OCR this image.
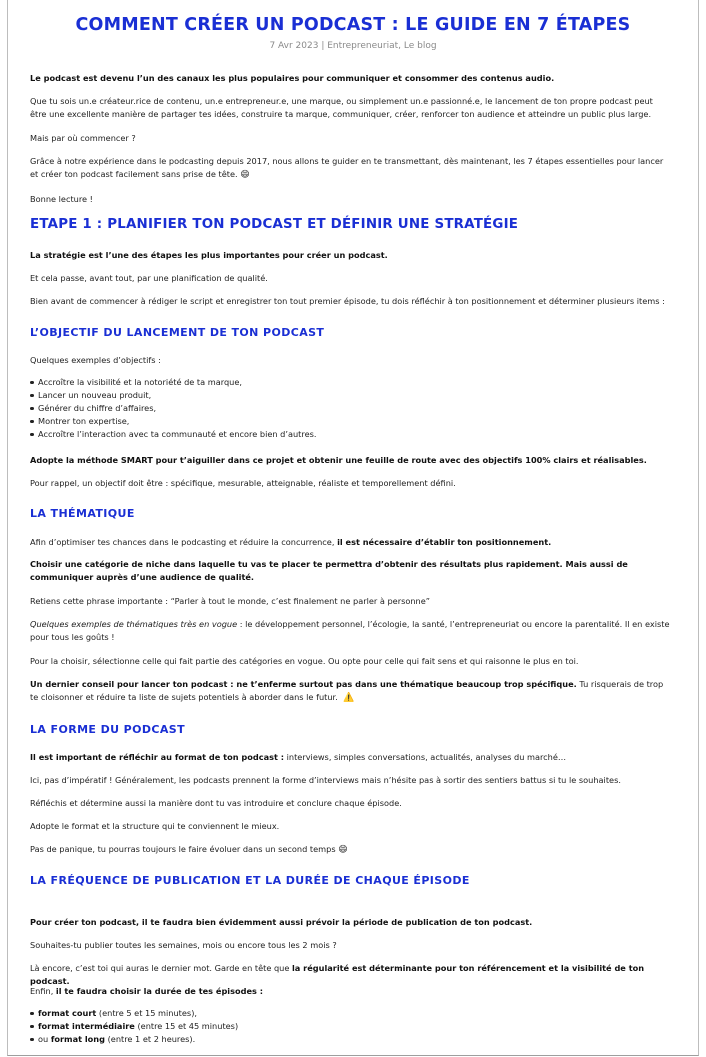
COMMENT CRÉER UN PODCAST : LE GUIDE EN 7 ÉTAPES
7 Avr 2023 | Entrepreneuriat, Le blog

Le podcast est devenu l’un des canaux les plus populaires pour communiquer et consommer des contenus audio.

Que tu sois un.e créateur.rice de contenu, un.e entrepreneur.e, une marque, ou simplement un.e passionné.e, le lancement de ton propre podcast peut être une excellente manière de partager tes idées, construire ta marque, communiquer, créer, renforcer ton audience et atteindre un public plus large.

Mais par où commencer ?

Grâce à notre expérience dans le podcasting depuis 2017, nous allons te guider en te transmettant, dès maintenant, les 7 étapes essentielles pour lancer et créer ton podcast facilement sans prise de tête. 😄

Bonne lecture !

ETAPE 1 : PLANIFIER TON PODCAST ET DÉFINIR UNE STRATÉGIE

La stratégie est l’une des étapes les plus importantes pour créer un podcast.

Et cela passe, avant tout, par une planification de qualité.

Bien avant de commencer à rédiger le script et enregistrer ton tout premier épisode, tu dois réfléchir à ton positionnement et déterminer plusieurs items :

L’OBJECTIF DU LANCEMENT DE TON PODCAST

Quelques exemples d’objectifs :

Accroître la visibilité et la notoriété de ta marque,
Lancer un nouveau produit,
Générer du chiffre d’affaires,
Montrer ton expertise,
Accroître l’interaction avec ta communauté et encore bien d’autres.

Adopte la méthode SMART pour t’aiguiller dans ce projet et obtenir une feuille de route avec des objectifs 100% clairs et réalisables.

Pour rappel, un objectif doit être : spécifique, mesurable, atteignable, réaliste et temporellement défini.

LA THÉMATIQUE

Afin d’optimiser tes chances dans le podcasting et réduire la concurrence, il est nécessaire d’établir ton positionnement.

Choisir une catégorie de niche dans laquelle tu vas te placer te permettra d’obtenir des résultats plus rapidement. Mais aussi de communiquer auprès d’une audience de qualité.

Retiens cette phrase importante : “Parler à tout le monde, c’est finalement ne parler à personne”

Quelques exemples de thématiques très en vogue : le développement personnel, l’écologie, la santé, l’entrepreneuriat ou encore la parentalité. Il en existe pour tous les goûts !

Pour la choisir, sélectionne celle qui fait partie des catégories en vogue. Ou opte pour celle qui fait sens et qui raisonne le plus en toi.

Un dernier conseil pour lancer ton podcast : ne t’enferme surtout pas dans une thématique beaucoup trop spécifique. Tu risquerais de trop te cloisonner et réduire ta liste de sujets potentiels à aborder dans le futur. ⚠️

LA FORME DU PODCAST

Il est important de réfléchir au format de ton podcast : interviews, simples conversations, actualités, analyses du marché…

Ici, pas d’impératif ! Généralement, les podcasts prennent la forme d’interviews mais n’hésite pas à sortir des sentiers battus si tu le souhaites.

Réfléchis et détermine aussi la manière dont tu vas introduire et conclure chaque épisode.

Adopte le format et la structure qui te conviennent le mieux.

Pas de panique, tu pourras toujours le faire évoluer dans un second temps 😄

LA FRÉQUENCE DE PUBLICATION ET LA DURÉE DE CHAQUE ÉPISODE

Pour créer ton podcast, il te faudra bien évidemment aussi prévoir la période de publication de ton podcast.

Souhaites-tu publier toutes les semaines, mois ou encore tous les 2 mois ?

Là encore, c’est toi qui auras le dernier mot. Garde en tête que la régularité est déterminante pour ton référencement et la visibilité de ton podcast.

Enfin, il te faudra choisir la durée de tes épisodes :

format court (entre 5 et 15 minutes),
format intermédiaire (entre 15 et 45 minutes)
ou format long (entre 1 et 2 heures).
